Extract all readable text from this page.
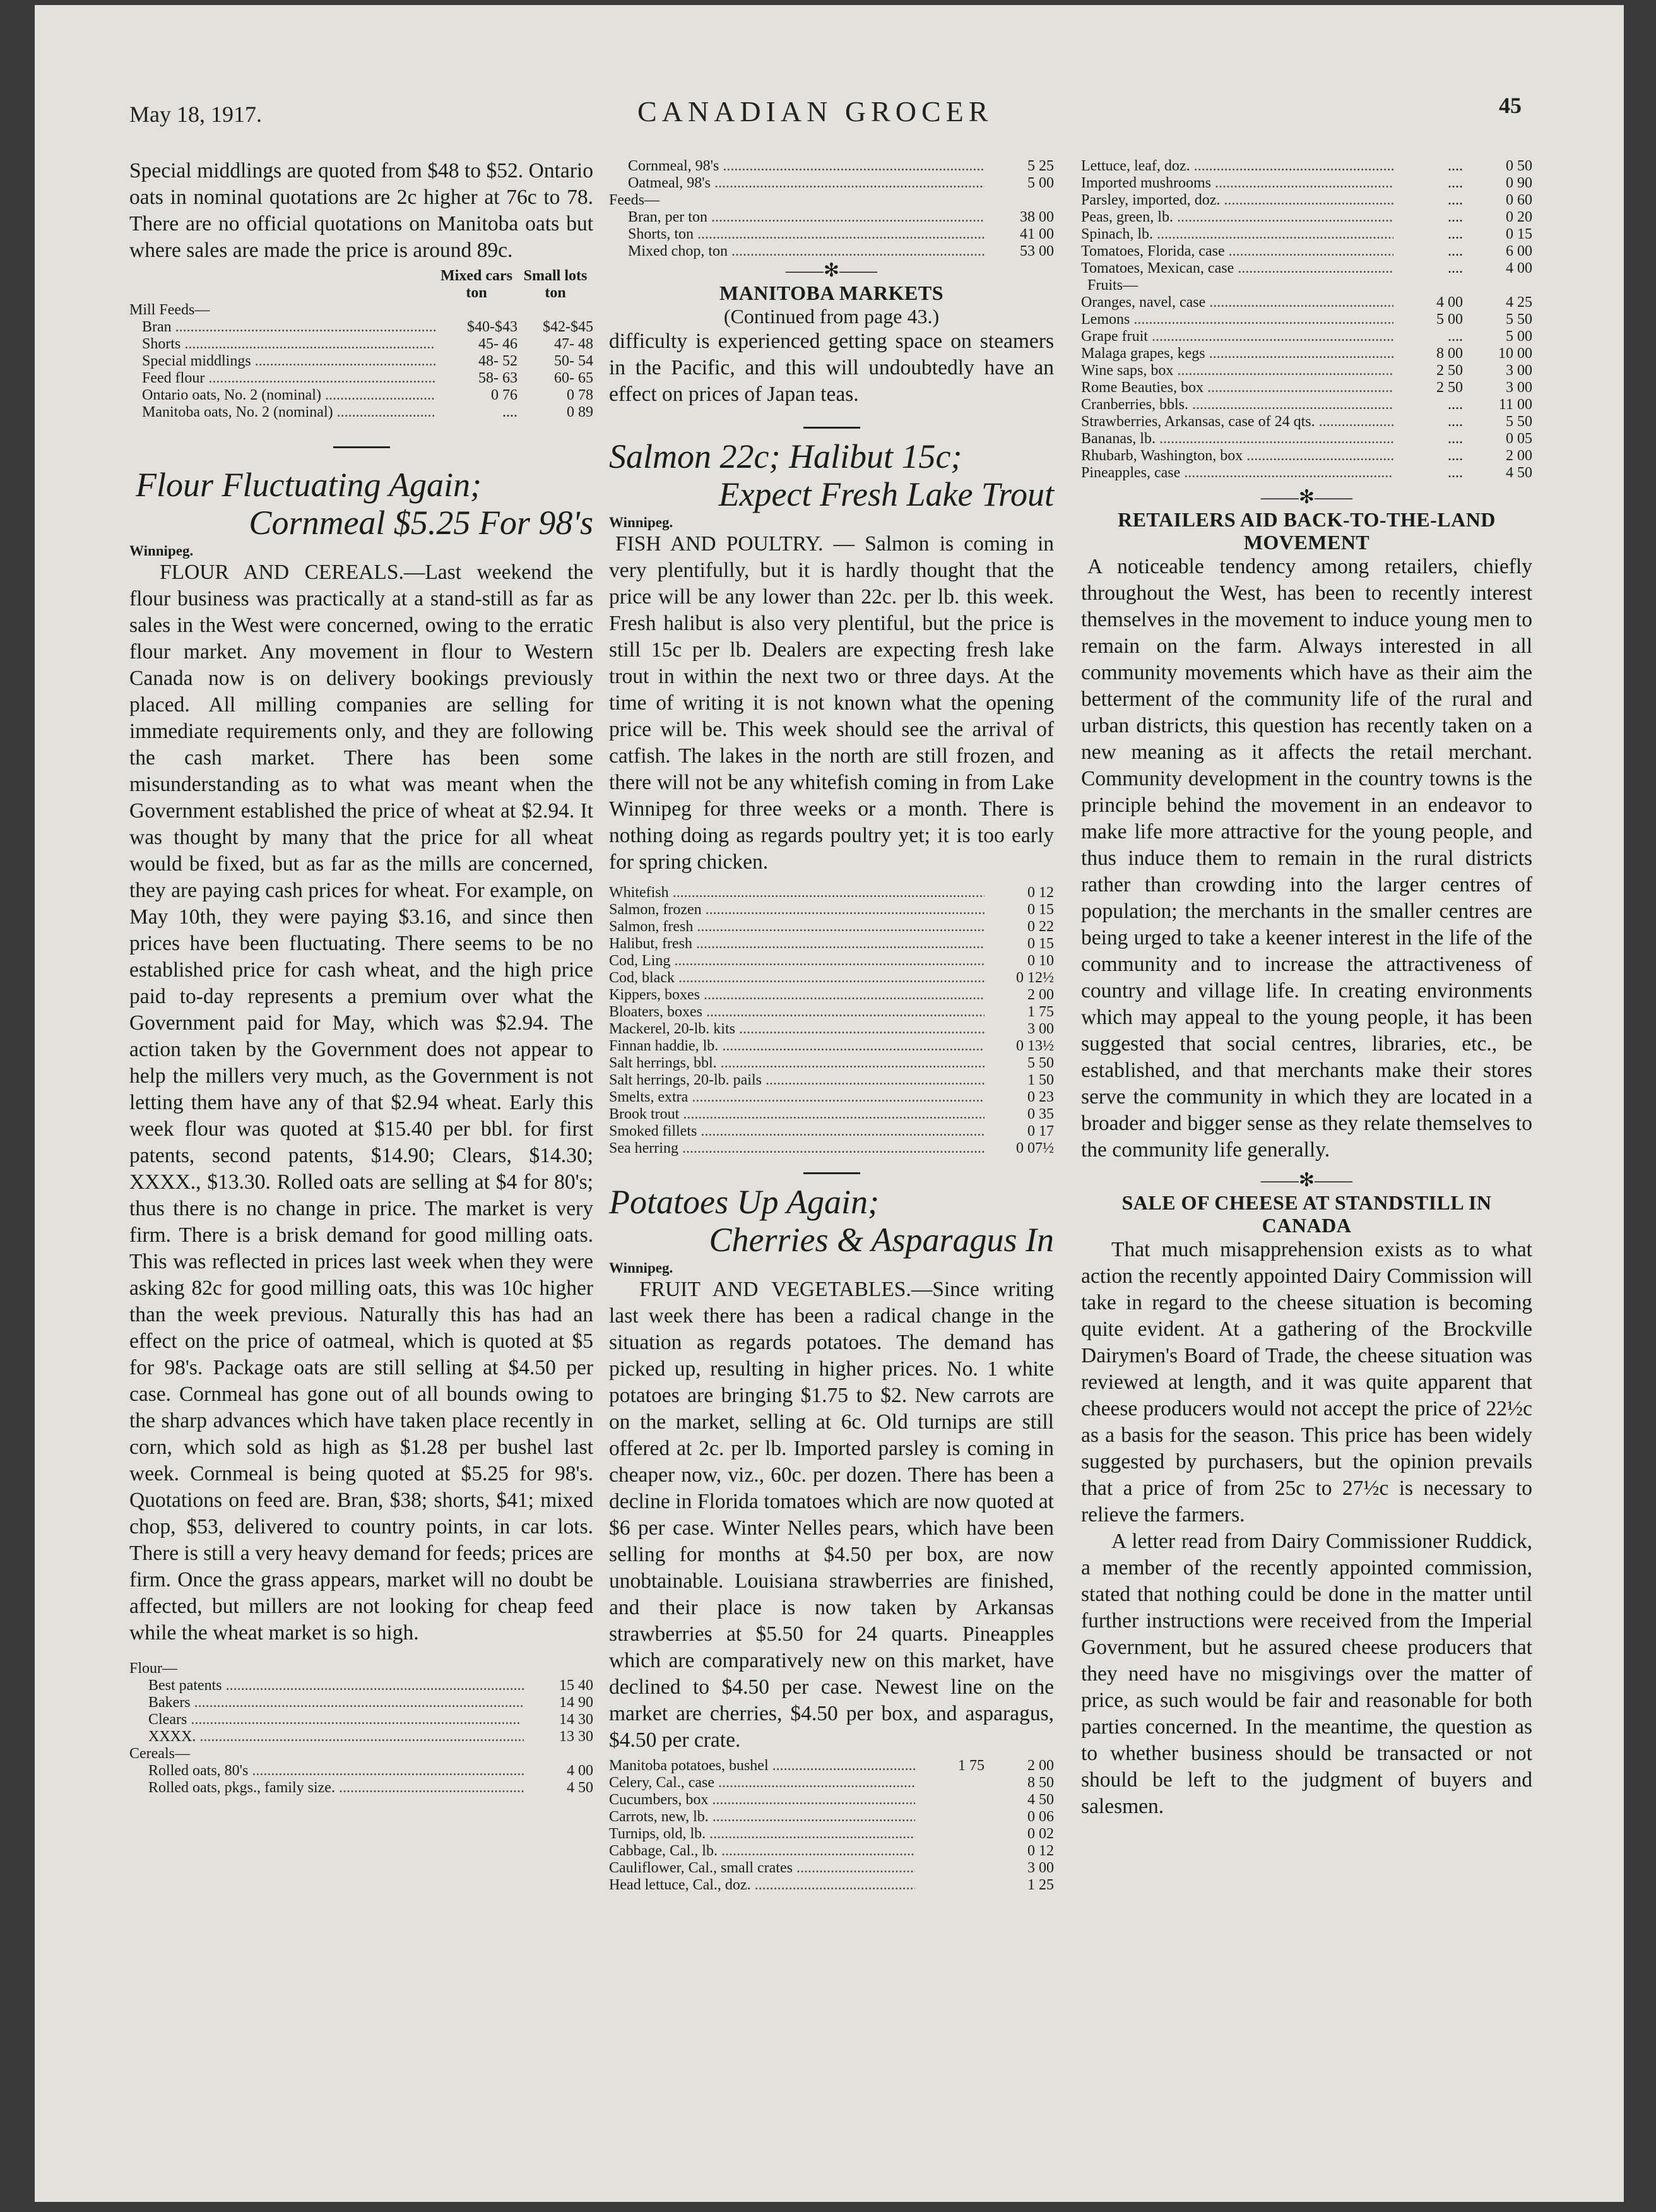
May 18, 1917.	CANADIAN GROCER	45

Special middlings are quoted from $48 to $52. Ontario oats in nominal quotations are 2c higher at 76c to 78. There are no official quotations on Manitoba oats but where sales are made the price is around 89c.

	Mixed cars ton	Small lots ton
Mill Feeds—		
Bran .....	$40-$43	$42-$45
Shorts .....	45- 46	47- 48
Special middlings .....	48- 52	50- 54
Feed flour .....	58- 63	60- 65
Ontario oats, No. 2 (nominal) .....	0 76	0 78
Manitoba oats, No. 2 (nominal) .....	....	0 89

Flour Fluctuating Again;

Cornmeal $5.25 For 98's

Winnipeg.

FLOUR AND CEREALS.—Last weekend the flour business was practically at a stand-still as far as sales in the West were concerned, owing to the erratic flour market. Any movement in flour to Western Canada now is on delivery bookings previously placed. All milling companies are selling for immediate requirements only, and they are following the cash market. There has been some misunderstanding as to what was meant when the Government established the price of wheat at $2.94. It was thought by many that the price for all wheat would be fixed, but as far as the mills are concerned, they are paying cash prices for wheat. For example, on May 10th, they were paying $3.16, and since then prices have been fluctuating. There seems to be no established price for cash wheat, and the high price paid to-day represents a premium over what the Government paid for May, which was $2.94. The action taken by the Government does not appear to help the millers very much, as the Government is not letting them have any of that $2.94 wheat. Early this week flour was quoted at $15.40 per bbl. for first patents, second patents, $14.90; Clears, $14.30; XXXX., $13.30. Rolled oats are selling at $4 for 80's; thus there is no change in price. The market is very firm. There is a brisk demand for good milling oats. This was reflected in prices last week when they were asking 82c for good milling oats, this was 10c higher than the week previous. Naturally this has had an effect on the price of oatmeal, which is quoted at $5 for 98's. Package oats are still selling at $4.50 per case. Cornmeal has gone out of all bounds owing to the sharp advances which have taken place recently in corn, which sold as high as $1.28 per bushel last week. Cornmeal is being quoted at $5.25 for 98's. Quotations on feed are. Bran, $38; shorts, $41; mixed chop, $53, delivered to country points, in car lots. There is still a very heavy demand for feeds; prices are firm. Once the grass appears, market will no doubt be affected, but millers are not looking for cheap feed while the wheat market is so high.

Flour—	
Best patents .....	15 40
Bakers .....	14 90
Clears .....	14 30
XXXX. .....	13 30
Cereals—	
Rolled oats, 80's .....	4 00
Rolled oats, pkgs., family size. .....	4 50
Cornmeal, 98's .....	5 25
Oatmeal, 98's .....	5 00
Feeds—	
Bran, per ton .....	38 00
Shorts, ton .....	41 00
Mixed chop, ton .....	53 00
——✻——

MANITOBA MARKETS

(Continued from page 43.)

difficulty is experienced getting space on steamers in the Pacific, and this will undoubtedly have an effect on prices of Japan teas.

Salmon 22c; Halibut 15c;

Expect Fresh Lake Trout

Winnipeg.

FISH AND POULTRY. — Salmon is coming in very plentifully, but it is hardly thought that the price will be any lower than 22c. per lb. this week. Fresh halibut is also very plentiful, but the price is still 15c per lb. Dealers are expecting fresh lake trout in within the next two or three days. At the time of writing it is not known what the opening price will be. This week should see the arrival of catfish. The lakes in the north are still frozen, and there will not be any whitefish coming in from Lake Winnipeg for three weeks or a month. There is nothing doing as regards poultry yet; it is too early for spring chicken.

Whitefish .....	0 12
Salmon, frozen .....	0 15
Salmon, fresh .....	0 22
Halibut, fresh .....	0 15
Cod, Ling .....	0 10
Cod, black .....	0 12½
Kippers, boxes .....	2 00
Bloaters, boxes .....	1 75
Mackerel, 20-lb. kits .....	3 00
Finnan haddie, lb. .....	0 13½
Salt herrings, bbl. .....	5 50
Salt herrings, 20-lb. pails .....	1 50
Smelts, extra .....	0 23
Brook trout .....	0 35
Smoked fillets .....	0 17
Sea herring .....	0 07½

Potatoes Up Again;

Cherries & Asparagus In

Winnipeg.

FRUIT AND VEGETABLES.—Since writing last week there has been a radical change in the situation as regards potatoes. The demand has picked up, resulting in higher prices. No. 1 white potatoes are bringing $1.75 to $2. New carrots are on the market, selling at 6c. Old turnips are still offered at 2c. per lb. Imported parsley is coming in cheaper now, viz., 60c. per dozen. There has been a decline in Florida tomatoes which are now quoted at $6 per case. Winter Nelles pears, which have been selling for months at $4.50 per box, are now unobtainable. Louisiana strawberries are finished, and their place is now taken by Arkansas strawberries at $5.50 for 24 quarts. Pineapples which are comparatively new on this market, have declined to $4.50 per case. Newest line on the market are cherries, $4.50 per box, and asparagus, $4.50 per crate.

Manitoba potatoes, bushel .....	1 75	2 00
Celery, Cal., case .....		8 50
Cucumbers, box .....		4 50
Carrots, new, lb. .....		0 06
Turnips, old, lb. .....		0 02
Cabbage, Cal., lb. .....		0 12
Cauliflower, Cal., small crates .....		3 00
Head lettuce, Cal., doz. .....		1 25
Lettuce, leaf, doz. .....	....	0 50
Imported mushrooms .....	....	0 90
Parsley, imported, doz. .....	....	0 60
Peas, green, lb. .....	....	0 20
Spinach, lb. .....	....	0 15
Tomatoes, Florida, case .....	....	6 00
Tomatoes, Mexican, case .....	....	4 00
Fruits—		
Oranges, navel, case .....	4 00	4 25
Lemons .....	5 00	5 50
Grape fruit .....	....	5 00
Malaga grapes, kegs .....	8 00	10 00
Wine saps, box .....	2 50	3 00
Rome Beauties, box .....	2 50	3 00
Cranberries, bbls. .....	....	11 00
Strawberries, Arkansas, case of 24 qts. .....	....	5 50
Bananas, lb. .....	....	0 05
Rhubarb, Washington, box .....	....	2 00
Pineapples, case .....	....	4 50
——✻——

RETAILERS AID BACK-TO-THE-LAND MOVEMENT

A noticeable tendency among retailers, chiefly throughout the West, has been to recently interest themselves in the movement to induce young men to remain on the farm. Always interested in all community movements which have as their aim the betterment of the community life of the rural and urban districts, this question has recently taken on a new meaning as it affects the retail merchant. Community development in the country towns is the principle behind the movement in an endeavor to make life more attractive for the young people, and thus induce them to remain in the rural districts rather than crowding into the larger centres of population; the merchants in the smaller centres are being urged to take a keener interest in the life of the community and to increase the attractiveness of country and village life. In creating environments which may appeal to the young people, it has been suggested that social centres, libraries, etc., be established, and that merchants make their stores serve the community in which they are located in a broader and bigger sense as they relate themselves to the community life generally.

——✻——

SALE OF CHEESE AT STANDSTILL IN CANADA

That much misapprehension exists as to what action the recently appointed Dairy Commission will take in regard to the cheese situation is becoming quite evident. At a gathering of the Brockville Dairymen's Board of Trade, the cheese situation was reviewed at length, and it was quite apparent that cheese producers would not accept the price of 22½c as a basis for the season. This price has been widely suggested by purchasers, but the opinion prevails that a price of from 25c to 27½c is necessary to relieve the farmers.

A letter read from Dairy Commissioner Ruddick, a member of the recently appointed commission, stated that nothing could be done in the matter until further instructions were received from the Imperial Government, but he assured cheese producers that they need have no misgivings over the matter of price, as such would be fair and reasonable for both parties concerned. In the meantime, the question as to whether business should be transacted or not should be left to the judgment of buyers and salesmen.
